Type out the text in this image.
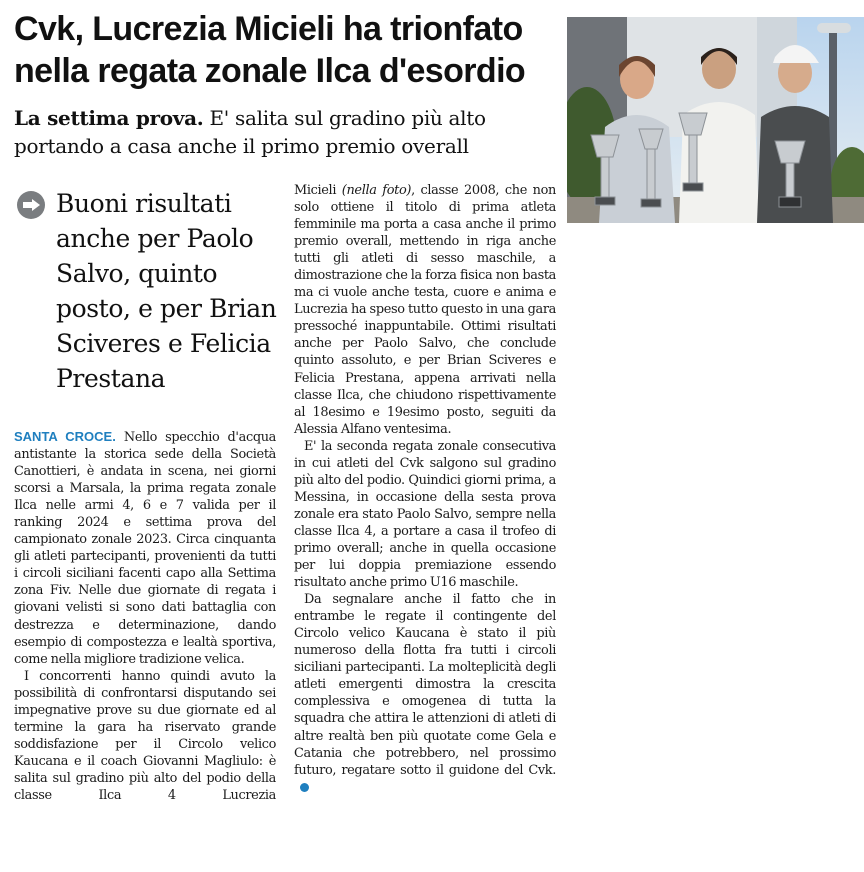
Cvk, Lucrezia Micieli ha trionfato nella regata zonale Ilca d'esordio
La settima prova. E' salita sul gradino più alto portando a casa anche il primo premio overall

Buoni risultati anche per Paolo Salvo, quinto posto, e per Brian Sciveres e Felicia Prestana

SANTA CROCE. Nello specchio d'acqua antistante la storica sede della Società Canottieri, è andata in scena, nei giorni scorsi a Marsala, la prima regata zonale Ilca nelle armi 4, 6 e 7 valida per il ranking 2024 e settima prova del campionato zonale 2023. Circa cinquanta gli atleti partecipanti, provenienti da tutti i circoli siciliani facenti capo alla Settima zona Fiv. Nelle due giornate di regata i giovani velisti si sono dati battaglia con destrezza e determinazione, dando esempio di compostezza e lealtà sportiva, come nella migliore tradizione velica.

I concorrenti hanno quindi avuto la possibilità di confrontarsi disputando sei impegnative prove su due giornate ed al termine la gara ha riservato grande soddisfazione per il Circolo velico Kaucana e il coach Giovanni Magliulo: è salita sul gradino più alto del podio della classe Ilca 4 Lucrezia

Micieli (nella foto), classe 2008, che non solo ottiene il titolo di prima atleta femminile ma porta a casa anche il primo premio overall, mettendo in riga anche tutti gli atleti di sesso maschile, a dimostrazione che la forza fisica non basta ma ci vuole anche testa, cuore e anima e Lucrezia ha speso tutto questo in una gara pressoché inappuntabile. Ottimi risultati anche per Paolo Salvo, che conclude quinto assoluto, e per Brian Sciveres e Felicia Prestana, appena arrivati nella classe Ilca, che chiudono rispettivamente al 18esimo e 19esimo posto, seguiti da Alessia Alfano ventesima.

E' la seconda regata zonale consecutiva in cui atleti del Cvk salgono sul gradino più alto del podio. Quindici giorni prima, a Messina, in occasione della sesta prova zonale era stato Paolo Salvo, sempre nella classe Ilca 4, a portare a casa il trofeo di primo overall; anche in quella occasione per lui doppia premiazione essendo risultato anche primo U16 maschile.

Da segnalare anche il fatto che in entrambe le regate il contingente del Circolo velico Kaucana è stato il più numeroso della flotta fra tutti i circoli siciliani partecipanti. La molteplicità degli atleti emergenti dimostra la crescita complessiva e omogenea di tutta la squadra che attira le attenzioni di atleti di altre realtà ben più quotate come Gela e Catania che potrebbero, nel prossimo futuro, regatare sotto il guidone del Cvk.
